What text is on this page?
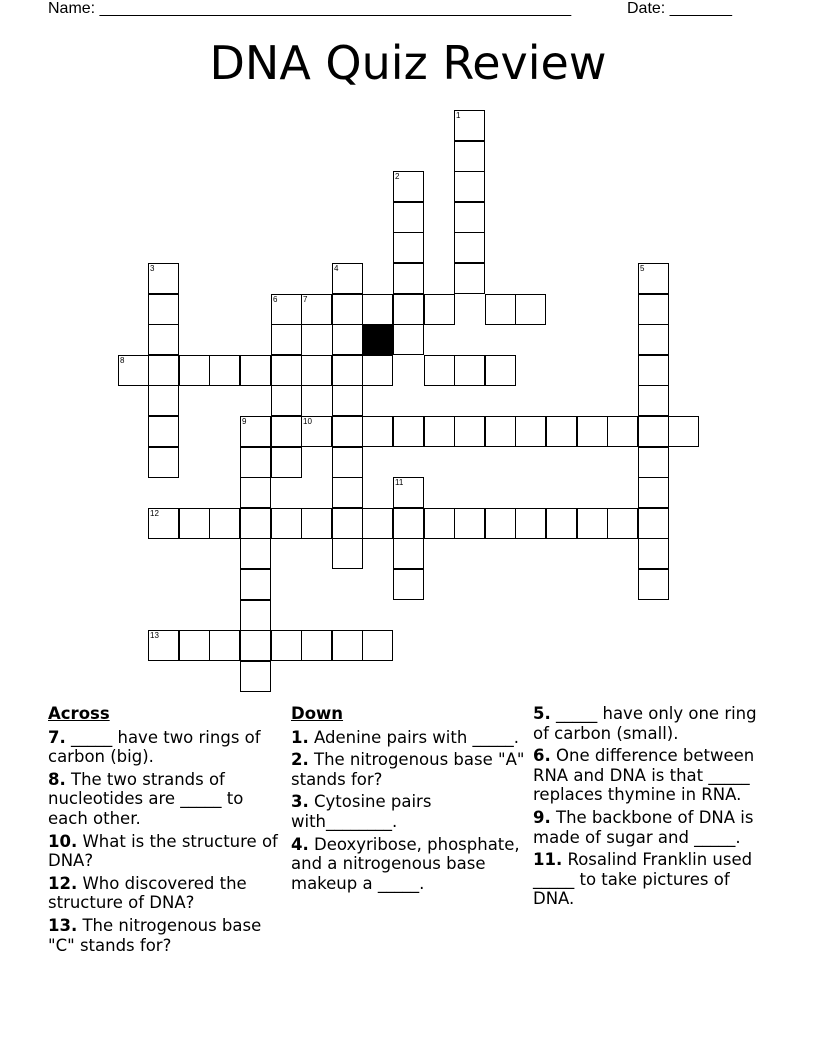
Name: _____________________________________________________	Date: _______
DNA Quiz Review
1
2
3	4	5
6	7
8
9	10
11
12
13
Across
7. _____ have two rings of carbon (big).
8. The two strands of nucleotides are _____ to each other.
10. What is the structure of DNA?
12. Who discovered the structure of DNA?
13. The nitrogenous base "C" stands for?
Down
1. Adenine pairs with _____.
2. The nitrogenous base "A" stands for?
3. Cytosine pairs with________.
4. Deoxyribose, phosphate, and a nitrogenous base makeup a _____.
5. _____ have only one ring of carbon (small).
6. One difference between RNA and DNA is that _____ replaces thymine in RNA.
9. The backbone of DNA is made of sugar and _____.
11. Rosalind Franklin used _____ to take pictures of DNA.
